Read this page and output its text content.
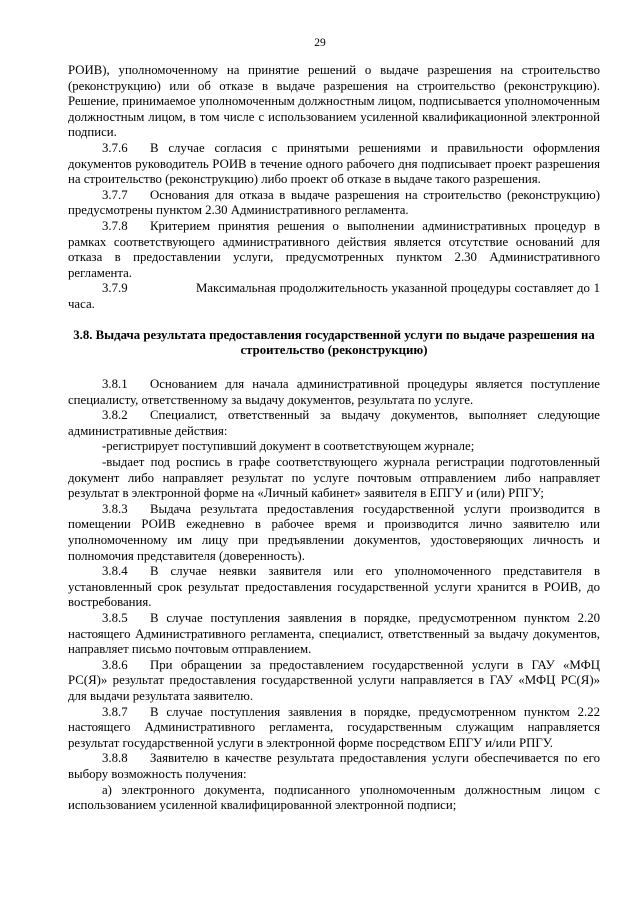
29

РОИВ), уполномоченному на принятие решений о выдаче разрешения на строительство (реконструкцию) или об отказе в выдаче разрешения на строительство (реконструкцию). Решение, принимаемое уполномоченным должностным лицом, подписывается уполномоченным должностным лицом, в том числе с использованием усиленной квалификационной электронной подписи.

3.7.6 В случае согласия с принятыми решениями и правильности оформления документов руководитель РОИВ в течение одного рабочего дня подписывает проект разрешения на строительство (реконструкцию) либо проект об отказе в выдаче такого разрешения.

3.7.7 Основания для отказа в выдаче разрешения на строительство (реконструкцию) предусмотрены пунктом 2.30 Административного регламента.

3.7.8 Критерием принятия решения о выполнении административных процедур в рамках соответствующего административного действия является отсутствие оснований для отказа в предоставлении услуги, предусмотренных пунктом 2.30 Административного регламента.

3.7.9	Максимальная продолжительность указанной процедуры составляет до 1 часа.

3.8. Выдача результата предоставления государственной услуги по выдаче разрешения на строительство (реконструкцию)

3.8.1 Основанием для начала административной процедуры является поступление специалисту, ответственному за выдачу документов, результата по услуге.

3.8.2 Специалист, ответственный за выдачу документов, выполняет следующие административные действия:

-регистрирует поступивший документ в соответствующем журнале;

-выдает под роспись в графе соответствующего журнала регистрации подготовленный документ либо направляет результат по услуге почтовым отправлением либо направляет результат в электронной форме на «Личный кабинет» заявителя в ЕПГУ и (или) РПГУ;

3.8.3 Выдача результата предоставления государственной услуги производится в помещении РОИВ ежедневно в рабочее время и производится лично заявителю или уполномоченному им лицу при предъявлении документов, удостоверяющих личность и полномочия представителя (доверенность).

3.8.4 В случае неявки заявителя или его уполномоченного представителя в установленный срок результат предоставления государственной услуги хранится в РОИВ, до востребования.

3.8.5 В случае поступления заявления в порядке, предусмотренном пунктом 2.20 настоящего Административного регламента, специалист, ответственный за выдачу документов, направляет письмо почтовым отправлением.

3.8.6 При обращении за предоставлением государственной услуги в ГАУ «МФЦ РС(Я)» результат предоставления государственной услуги направляется в ГАУ «МФЦ РС(Я)» для выдачи результата заявителю.

3.8.7 В случае поступления заявления в порядке, предусмотренном пунктом 2.22 настоящего Административного регламента, государственным служащим направляется результат государственной услуги в электронной форме посредством ЕПГУ и/или РПГУ.

3.8.8 Заявителю в качестве результата предоставления услуги обеспечивается по его выбору возможность получения:

а) электронного документа, подписанного уполномоченным должностным лицом с использованием усиленной квалифицированной электронной подписи;
